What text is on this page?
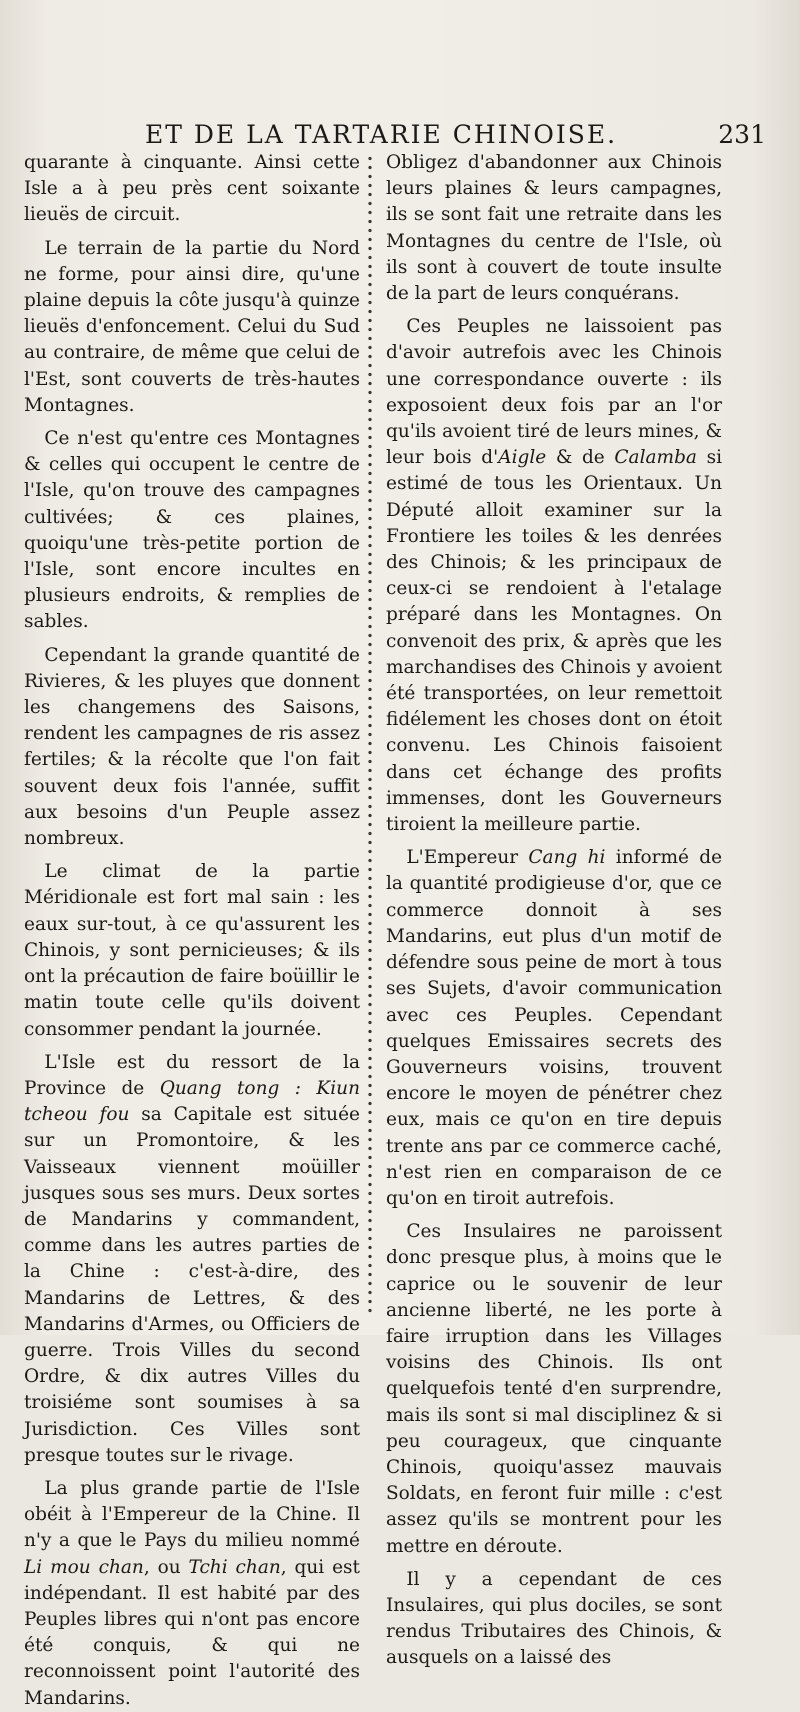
ET DE LA TARTARIE CHINOISE.	231

quarante à cinquante. Ainsi cette Isle a à peu près cent soixante lieuës de circuit.

Le terrain de la partie du Nord ne forme, pour ainsi dire, qu'une plaine depuis la côte jusqu'à quinze lieuës d'enfoncement. Celui du Sud au contraire, de même que celui de l'Est, sont couverts de très-hautes Montagnes.

Ce n'est qu'entre ces Montagnes & celles qui occupent le centre de l'Isle, qu'on trouve des campagnes cultivées; & ces plaines, quoiqu'une très-petite portion de l'Isle, sont encore incultes en plusieurs endroits, & remplies de sables.

Cependant la grande quantité de Rivieres, & les pluyes que donnent les changemens des Saisons, rendent les campagnes de ris assez fertiles; & la récolte que l'on fait souvent deux fois l'année, suffit aux besoins d'un Peuple assez nombreux.

Le climat de la partie Méridionale est fort mal sain : les eaux sur-tout, à ce qu'assurent les Chinois, y sont pernicieuses; & ils ont la précaution de faire boüillir le matin toute celle qu'ils doivent consommer pendant la journée.

L'Isle est du ressort de la Province de Quang tong : Kiun tcheou fou sa Capitale est située sur un Promontoire, & les Vaisseaux viennent moüiller jusques sous ses murs. Deux sortes de Mandarins y commandent, comme dans les autres parties de la Chine : c'est-à-dire, des Mandarins de Lettres, & des Mandarins d'Armes, ou Officiers de guerre. Trois Villes du second Ordre, & dix autres Villes du troisiéme sont soumises à sa Jurisdiction. Ces Villes sont presque toutes sur le rivage.

La plus grande partie de l'Isle obéit à l'Empereur de la Chine. Il n'y a que le Pays du milieu nommé Li mou chan, ou Tchi chan, qui est indépendant. Il est habité par des Peuples libres qui n'ont pas encore été conquis, & qui ne reconnoissent point l'autorité des Mandarins.

Obligez d'abandonner aux Chinois leurs plaines & leurs campagnes, ils se sont fait une retraite dans les Montagnes du centre de l'Isle, où ils sont à couvert de toute insulte de la part de leurs conquérans.

Ces Peuples ne laissoient pas d'avoir autrefois avec les Chinois une correspondance ouverte : ils exposoient deux fois par an l'or qu'ils avoient tiré de leurs mines, & leur bois d'Aigle & de Calamba si estimé de tous les Orientaux. Un Député alloit examiner sur la Frontiere les toiles & les denrées des Chinois; & les principaux de ceux-ci se rendoient à l'etalage préparé dans les Montagnes. On convenoit des prix, & après que les marchandises des Chinois y avoient été transportées, on leur remettoit fidélement les choses dont on étoit convenu. Les Chinois faisoient dans cet échange des profits immenses, dont les Gouverneurs tiroient la meilleure partie.

L'Empereur Cang hi informé de la quantité prodigieuse d'or, que ce commerce donnoit à ses Mandarins, eut plus d'un motif de défendre sous peine de mort à tous ses Sujets, d'avoir communication avec ces Peuples. Cependant quelques Emissaires secrets des Gouverneurs voisins, trouvent encore le moyen de pénétrer chez eux, mais ce qu'on en tire depuis trente ans par ce commerce caché, n'est rien en comparaison de ce qu'on en tiroit autrefois.

Ces Insulaires ne paroissent donc presque plus, à moins que le caprice ou le souvenir de leur ancienne liberté, ne les porte à faire irruption dans les Villages voisins des Chinois. Ils ont quelquefois tenté d'en surprendre, mais ils sont si mal disciplinez & si peu courageux, que cinquante Chinois, quoiqu'assez mauvais Soldats, en feront fuir mille : c'est assez qu'ils se montrent pour les mettre en déroute.

Il y a cependant de ces Insulaires, qui plus dociles, se sont rendus Tributaires des Chinois, & ausquels on a laissé des
